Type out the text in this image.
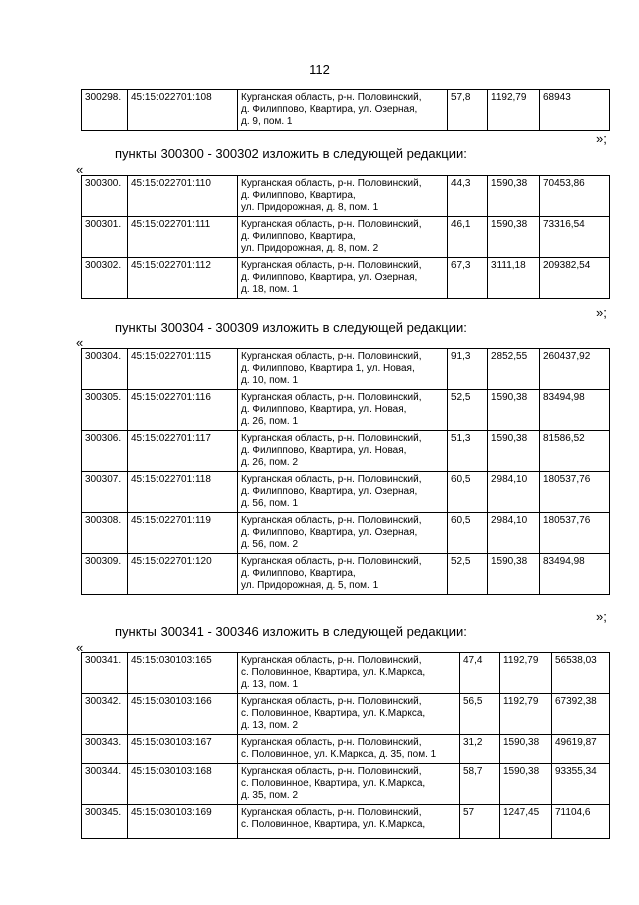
112
300298.	45:15:022701:108	Курганская область, р-н. Половинский,
д. Филиппово, Квартира, ул. Озерная,
д. 9, пом. 1	57,8	1192,79	68943
»;
пункты 300300 - 300302 изложить в следующей редакции:
«
300300.	45:15:022701:110	Курганская область, р-н. Половинский,
д. Филиппово, Квартира,
ул. Придорожная, д. 8, пом. 1	44,3	1590,38	70453,86
300301.	45:15:022701:111	Курганская область, р-н. Половинский,
д. Филиппово, Квартира,
ул. Придорожная, д. 8, пом. 2	46,1	1590,38	73316,54
300302.	45:15:022701:112	Курганская область, р-н. Половинский,
д. Филиппово, Квартира, ул. Озерная,
д. 18, пом. 1	67,3	3111,18	209382,54
»;
пункты 300304 - 300309 изложить в следующей редакции:
«
300304.	45:15:022701:115	Курганская область, р-н. Половинский,
д. Филиппово, Квартира 1, ул. Новая,
д. 10, пом. 1	91,3	2852,55	260437,92
300305.	45:15:022701:116	Курганская область, р-н. Половинский,
д. Филиппово, Квартира, ул. Новая,
д. 26, пом. 1	52,5	1590,38	83494,98
300306.	45:15:022701:117	Курганская область, р-н. Половинский,
д. Филиппово, Квартира, ул. Новая,
д. 26, пом. 2	51,3	1590,38	81586,52
300307.	45:15:022701:118	Курганская область, р-н. Половинский,
д. Филиппово, Квартира, ул. Озерная,
д. 56, пом. 1	60,5	2984,10	180537,76
300308.	45:15:022701:119	Курганская область, р-н. Половинский,
д. Филиппово, Квартира, ул. Озерная,
д. 56, пом. 2	60,5	2984,10	180537,76
300309.	45:15:022701:120	Курганская область, р-н. Половинский,
д. Филиппово, Квартира,
ул. Придорожная, д. 5, пом. 1	52,5	1590,38	83494,98
»;
пункты 300341 - 300346 изложить в следующей редакции:
«
300341.	45:15:030103:165	Курганская область, р-н. Половинский,
с. Половинное, Квартира, ул. К.Маркса,
д. 13, пом. 1	47,4	1192,79	56538,03
300342.	45:15:030103:166	Курганская область, р-н. Половинский,
с. Половинное, Квартира, ул. К.Маркса,
д. 13, пом. 2	56,5	1192,79	67392,38
300343.	45:15:030103:167	Курганская область, р-н. Половинский,
с. Половинное, ул. К.Маркса, д. 35, пом. 1	31,2	1590,38	49619,87
300344.	45:15:030103:168	Курганская область, р-н. Половинский,
с. Половинное, Квартира, ул. К.Маркса,
д. 35, пом. 2	58,7	1590,38	93355,34
300345.	45:15:030103:169	Курганская область, р-н. Половинский,
с. Половинное, Квартира, ул. К.Маркса,	57	1247,45	71104,6
